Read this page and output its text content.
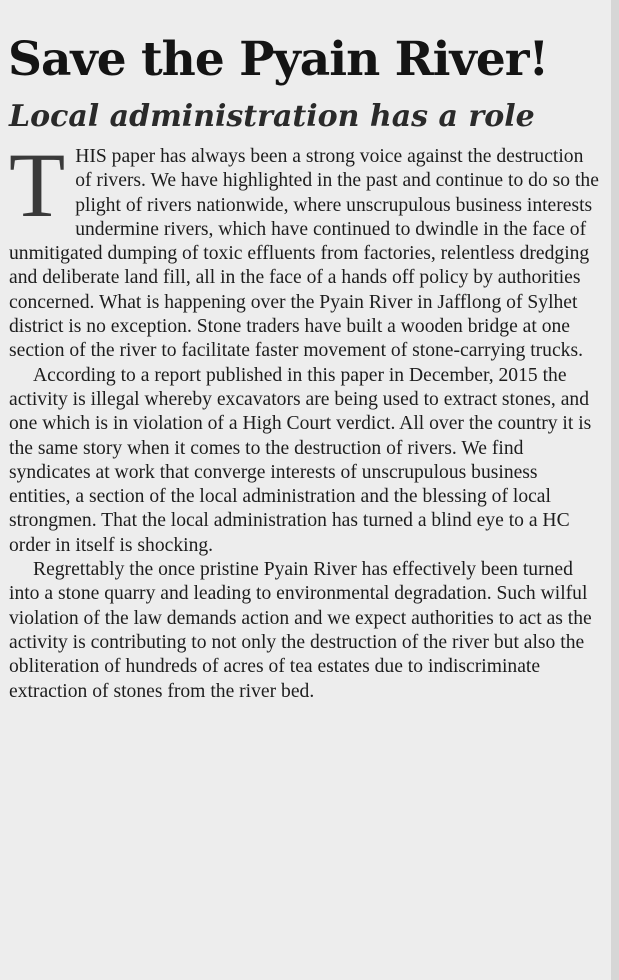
Save the Pyain River!
Local administration has a role

THIS paper has always been a strong voice against the destruction of rivers. We have highlighted in the past and continue to do so the plight of rivers nationwide, where unscrupulous business interests undermine rivers, which have continued to dwindle in the face of unmitigated dumping of toxic effluents from factories, relentless dredging and deliberate land fill, all in the face of a hands off policy by authorities concerned. What is happening over the Pyain River in Jafflong of Sylhet district is no exception. Stone traders have built a wooden bridge at one section of the river to facilitate faster movement of stone-carrying trucks.

According to a report published in this paper in December, 2015 the activity is illegal whereby excavators are being used to extract stones, and one which is in violation of a High Court verdict. All over the country it is the same story when it comes to the destruction of rivers. We find syndicates at work that converge interests of unscrupulous business entities, a section of the local administration and the blessing of local strongmen. That the local administration has turned a blind eye to a HC order in itself is shocking.

Regrettably the once pristine Pyain River has effectively been turned into a stone quarry and leading to environmental degradation. Such wilful violation of the law demands action and we expect authorities to act as the activity is contributing to not only the destruction of the river but also the obliteration of hundreds of acres of tea estates due to indiscriminate extraction of stones from the river bed.
